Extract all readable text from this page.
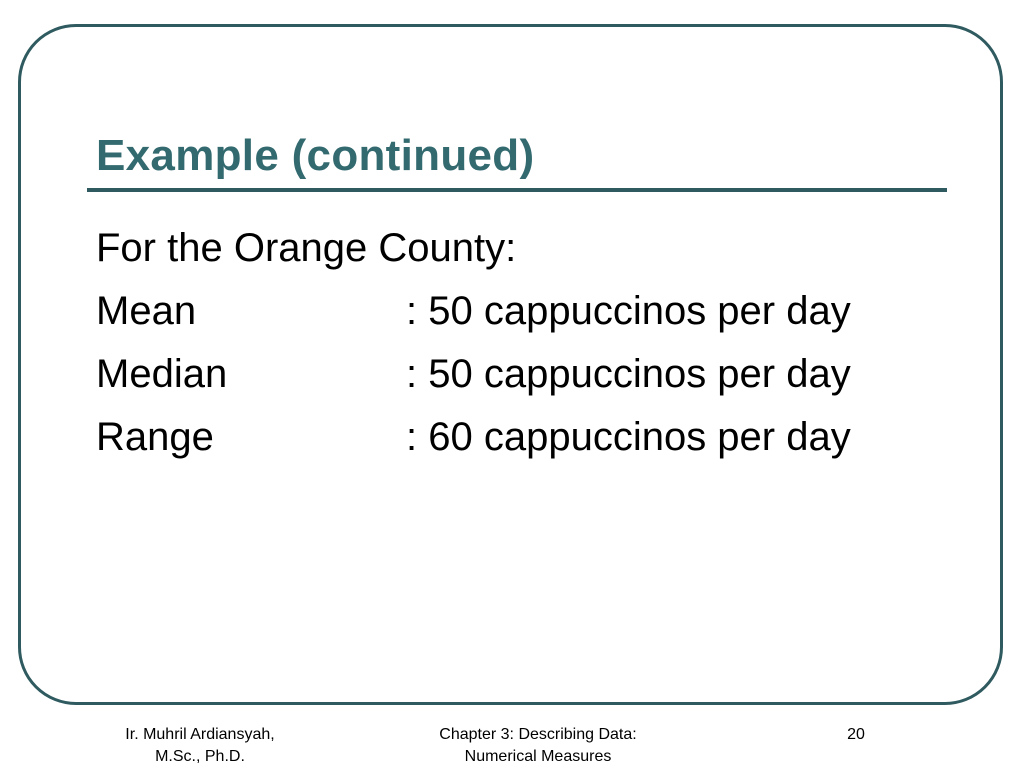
Example (continued)
For the Orange County:
Mean	: 50 cappuccinos per day
Median	: 50 cappuccinos per day
Range	: 60 cappuccinos per day
Ir. Muhril Ardiansyah,
M.Sc., Ph.D.
Chapter 3: Describing Data:
Numerical Measures
20
